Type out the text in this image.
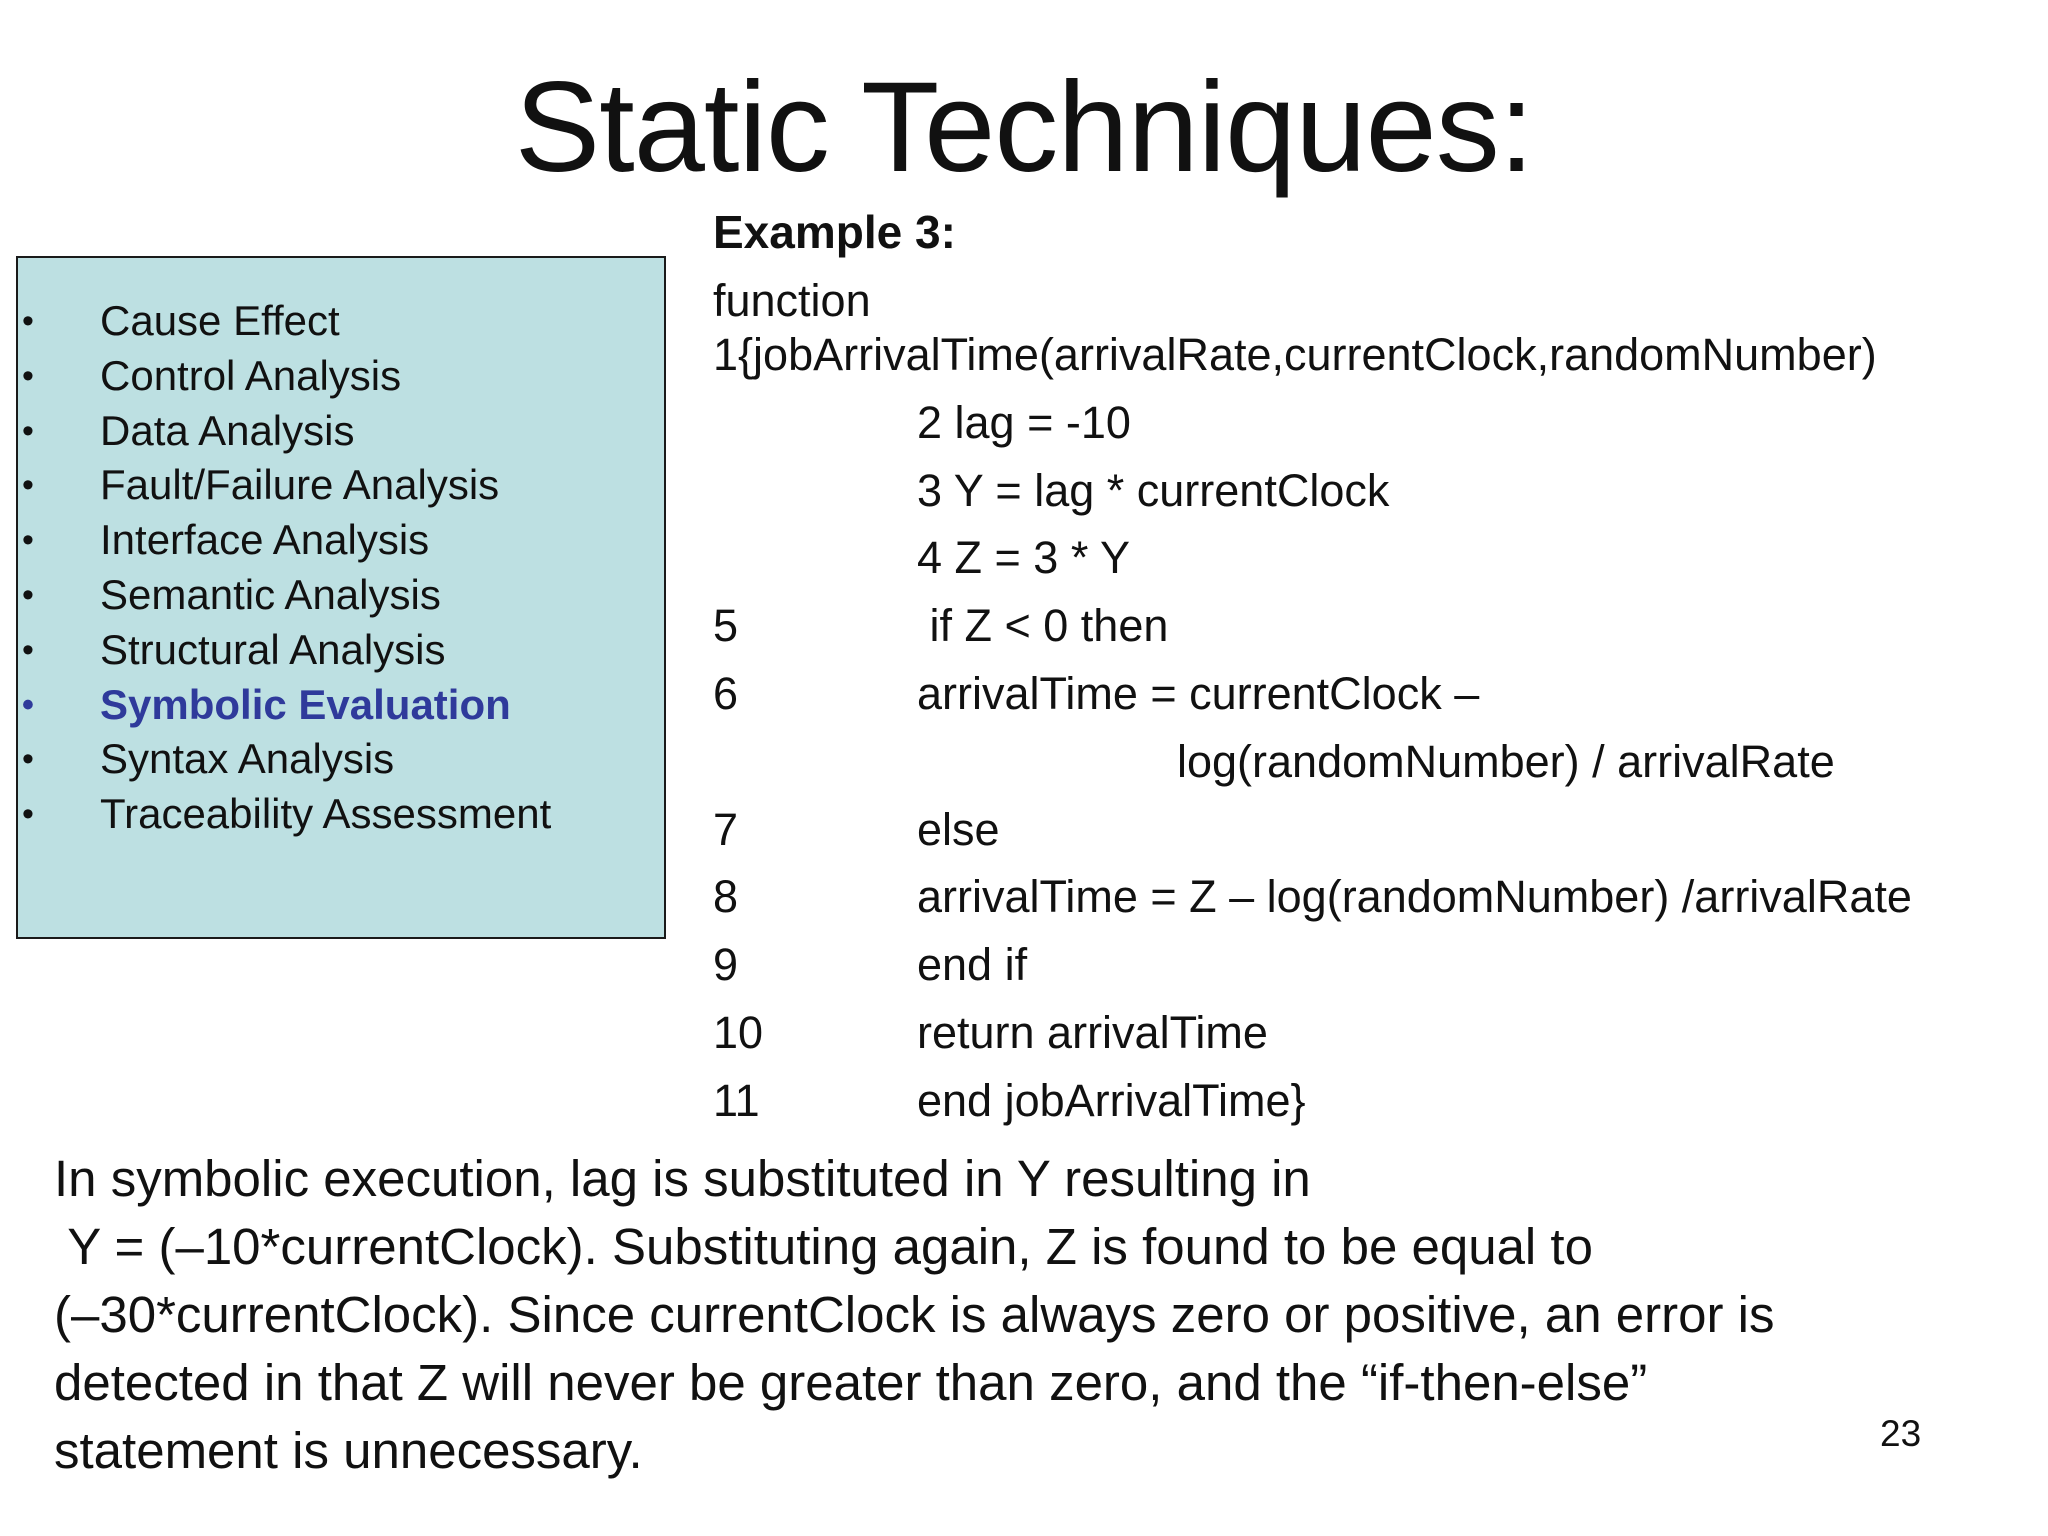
Static Techniques:
• Cause Effect
• Control Analysis
• Data Analysis
• Fault/Failure Analysis
• Interface Analysis
• Semantic Analysis
• Structural Analysis
• Symbolic Evaluation
• Syntax Analysis
• Traceability Assessment
Example 3:
function
1{jobArrivalTime(arrivalRate,currentClock,randomNumber)
2 lag = -10
3 Y = lag * currentClock
4 Z = 3 * Y
5	if Z < 0 then
6	arrivalTime = currentClock –
log(randomNumber) / arrivalRate
7	else
8	arrivalTime = Z – log(randomNumber) /arrivalRate
9	end if
10	return arrivalTime
11	end jobArrivalTime}

In symbolic execution, lag is substituted in Y resulting in

Y = (–10*currentClock). Substituting again, Z is found to be equal to

(–30*currentClock). Since currentClock is always zero or positive, an error is

detected in that Z will never be greater than zero, and the “if-then-else”

statement is unnecessary.	23
